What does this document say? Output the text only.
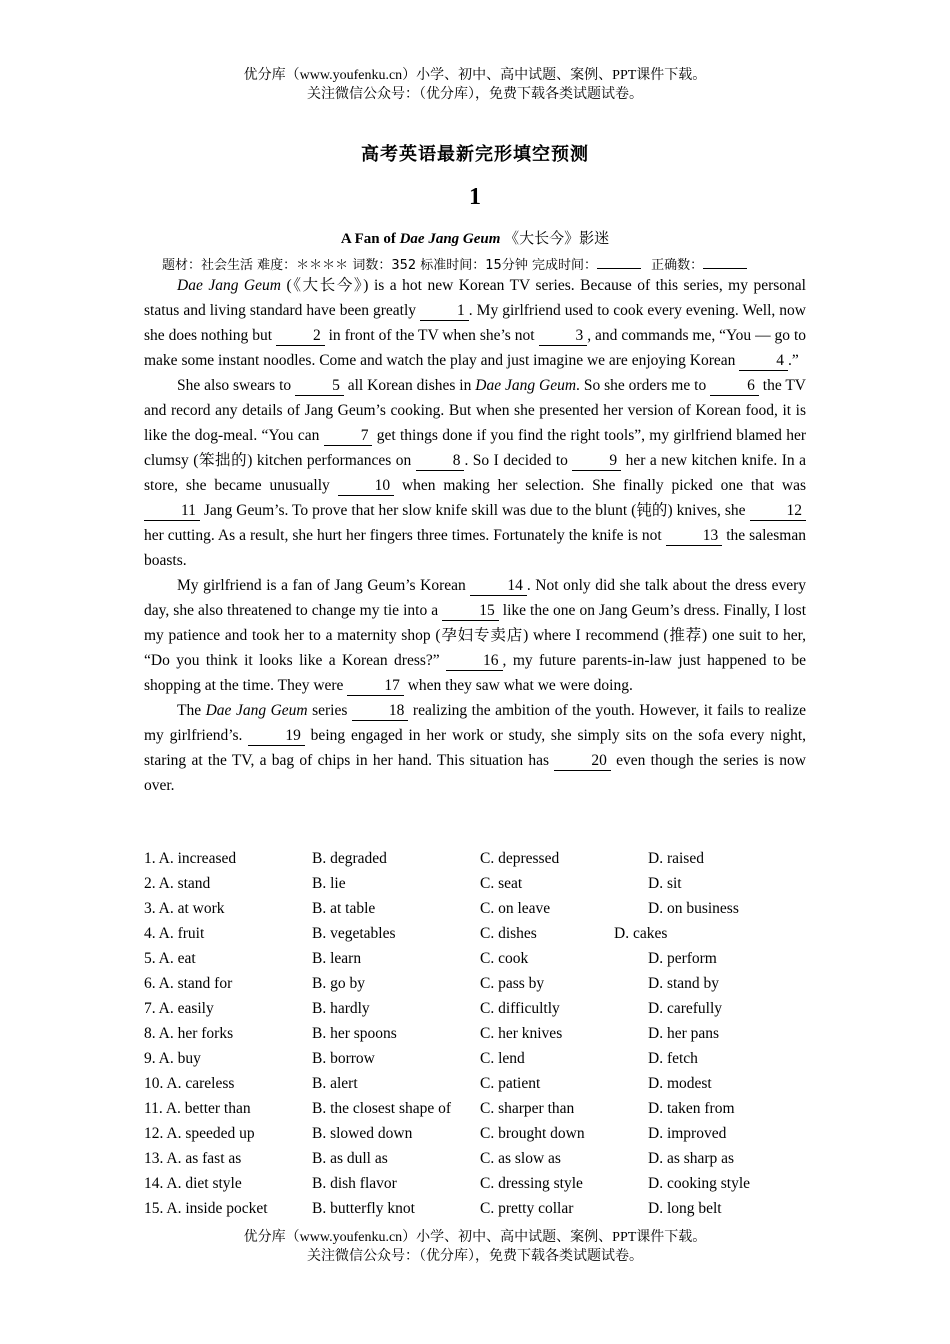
优分库（www.youfenku.cn）小学、初中、高中试题、案例、PPT课件下载。
关注微信公众号：（优分库），免费下载各类试题试卷。
高考英语最新完形填空预测
1
A Fan of Dae Jang Geum 《大长今》影迷
题材：社会生活 难度：＊＊＊＊ 词数：352 标准时间：15分钟 完成时间：	正确数：

Dae Jang Geum (《大长今》) is a hot new Korean TV series. Because of this series, my personal status and living standard have been greatly 1 . My girlfriend used to cook every evening. Well, now she does nothing but 2 in front of the TV when she’s not 3 , and commands me, “You — go to make some instant noodles. Come and watch the play and just imagine we are enjoying Korean 4 .”

She also swears to 5 all Korean dishes in Dae Jang Geum. So she orders me to 6 the TV and record any details of Jang Geum’s cooking. But when she presented her version of Korean food, it is like the dog-meal. “You can 7 get things done if you find the right tools”, my girlfriend blamed her clumsy (笨拙的) kitchen performances on 8 . So I decided to 9 her a new kitchen knife. In a store, she became unusually 10 when making her selection. She finally picked one that was 11 Jang Geum’s. To prove that her slow knife skill was due to the blunt (钝的) knives, she 12 her cutting. As a result, she hurt her fingers three times. Fortunately the knife is not 13 the salesman boasts.

My girlfriend is a fan of Jang Geum’s Korean 14 . Not only did she talk about the dress every day, she also threatened to change my tie into a 15 like the one on Jang Geum’s dress. Finally, I lost my patience and took her to a maternity shop (孕妇专卖店) where I recommend (推荐) one suit to her, “Do you think it looks like a Korean dress?” 16 , my future parents-in-law just happened to be shopping at the time. They were 17 when they saw what we were doing.

The Dae Jang Geum series 18 realizing the ambition of the youth. However, it fails to realize my girlfriend’s. 19 being engaged in her work or study, she simply sits on the sofa every night, staring at the TV, a bag of chips in her hand. This situation has 20 even though the series is now over.

1. A. increased	B. degraded	C. depressed	D. raised
2. A. stand	B. lie	C. seat	D. sit
3. A. at work	B. at table	C. on leave	D. on business
4. A. fruit	B. vegetables	C. dishes	D. cakes
5. A. eat	B. learn	C. cook	D. perform
6. A. stand for	B. go by	C. pass by	D. stand by
7. A. easily	B. hardly	C. difficultly	D. carefully
8. A. her forks	B. her spoons	C. her knives	D. her pans
9. A. buy	B. borrow	C. lend	D. fetch
10. A. careless	B. alert	C. patient	D. modest
11. A. better than	B. the closest shape of	C. sharper than	D. taken from
12. A. speeded up	B. slowed down	C. brought down	D. improved
13. A. as fast as	B. as dull as	C. as slow as	D. as sharp as
14. A. diet style	B. dish flavor	C. dressing style	D. cooking style
15. A. inside pocket	B. butterfly knot	C. pretty collar	D. long belt
优分库（www.youfenku.cn）小学、初中、高中试题、案例、PPT课件下载。
关注微信公众号：（优分库），免费下载各类试题试卷。
